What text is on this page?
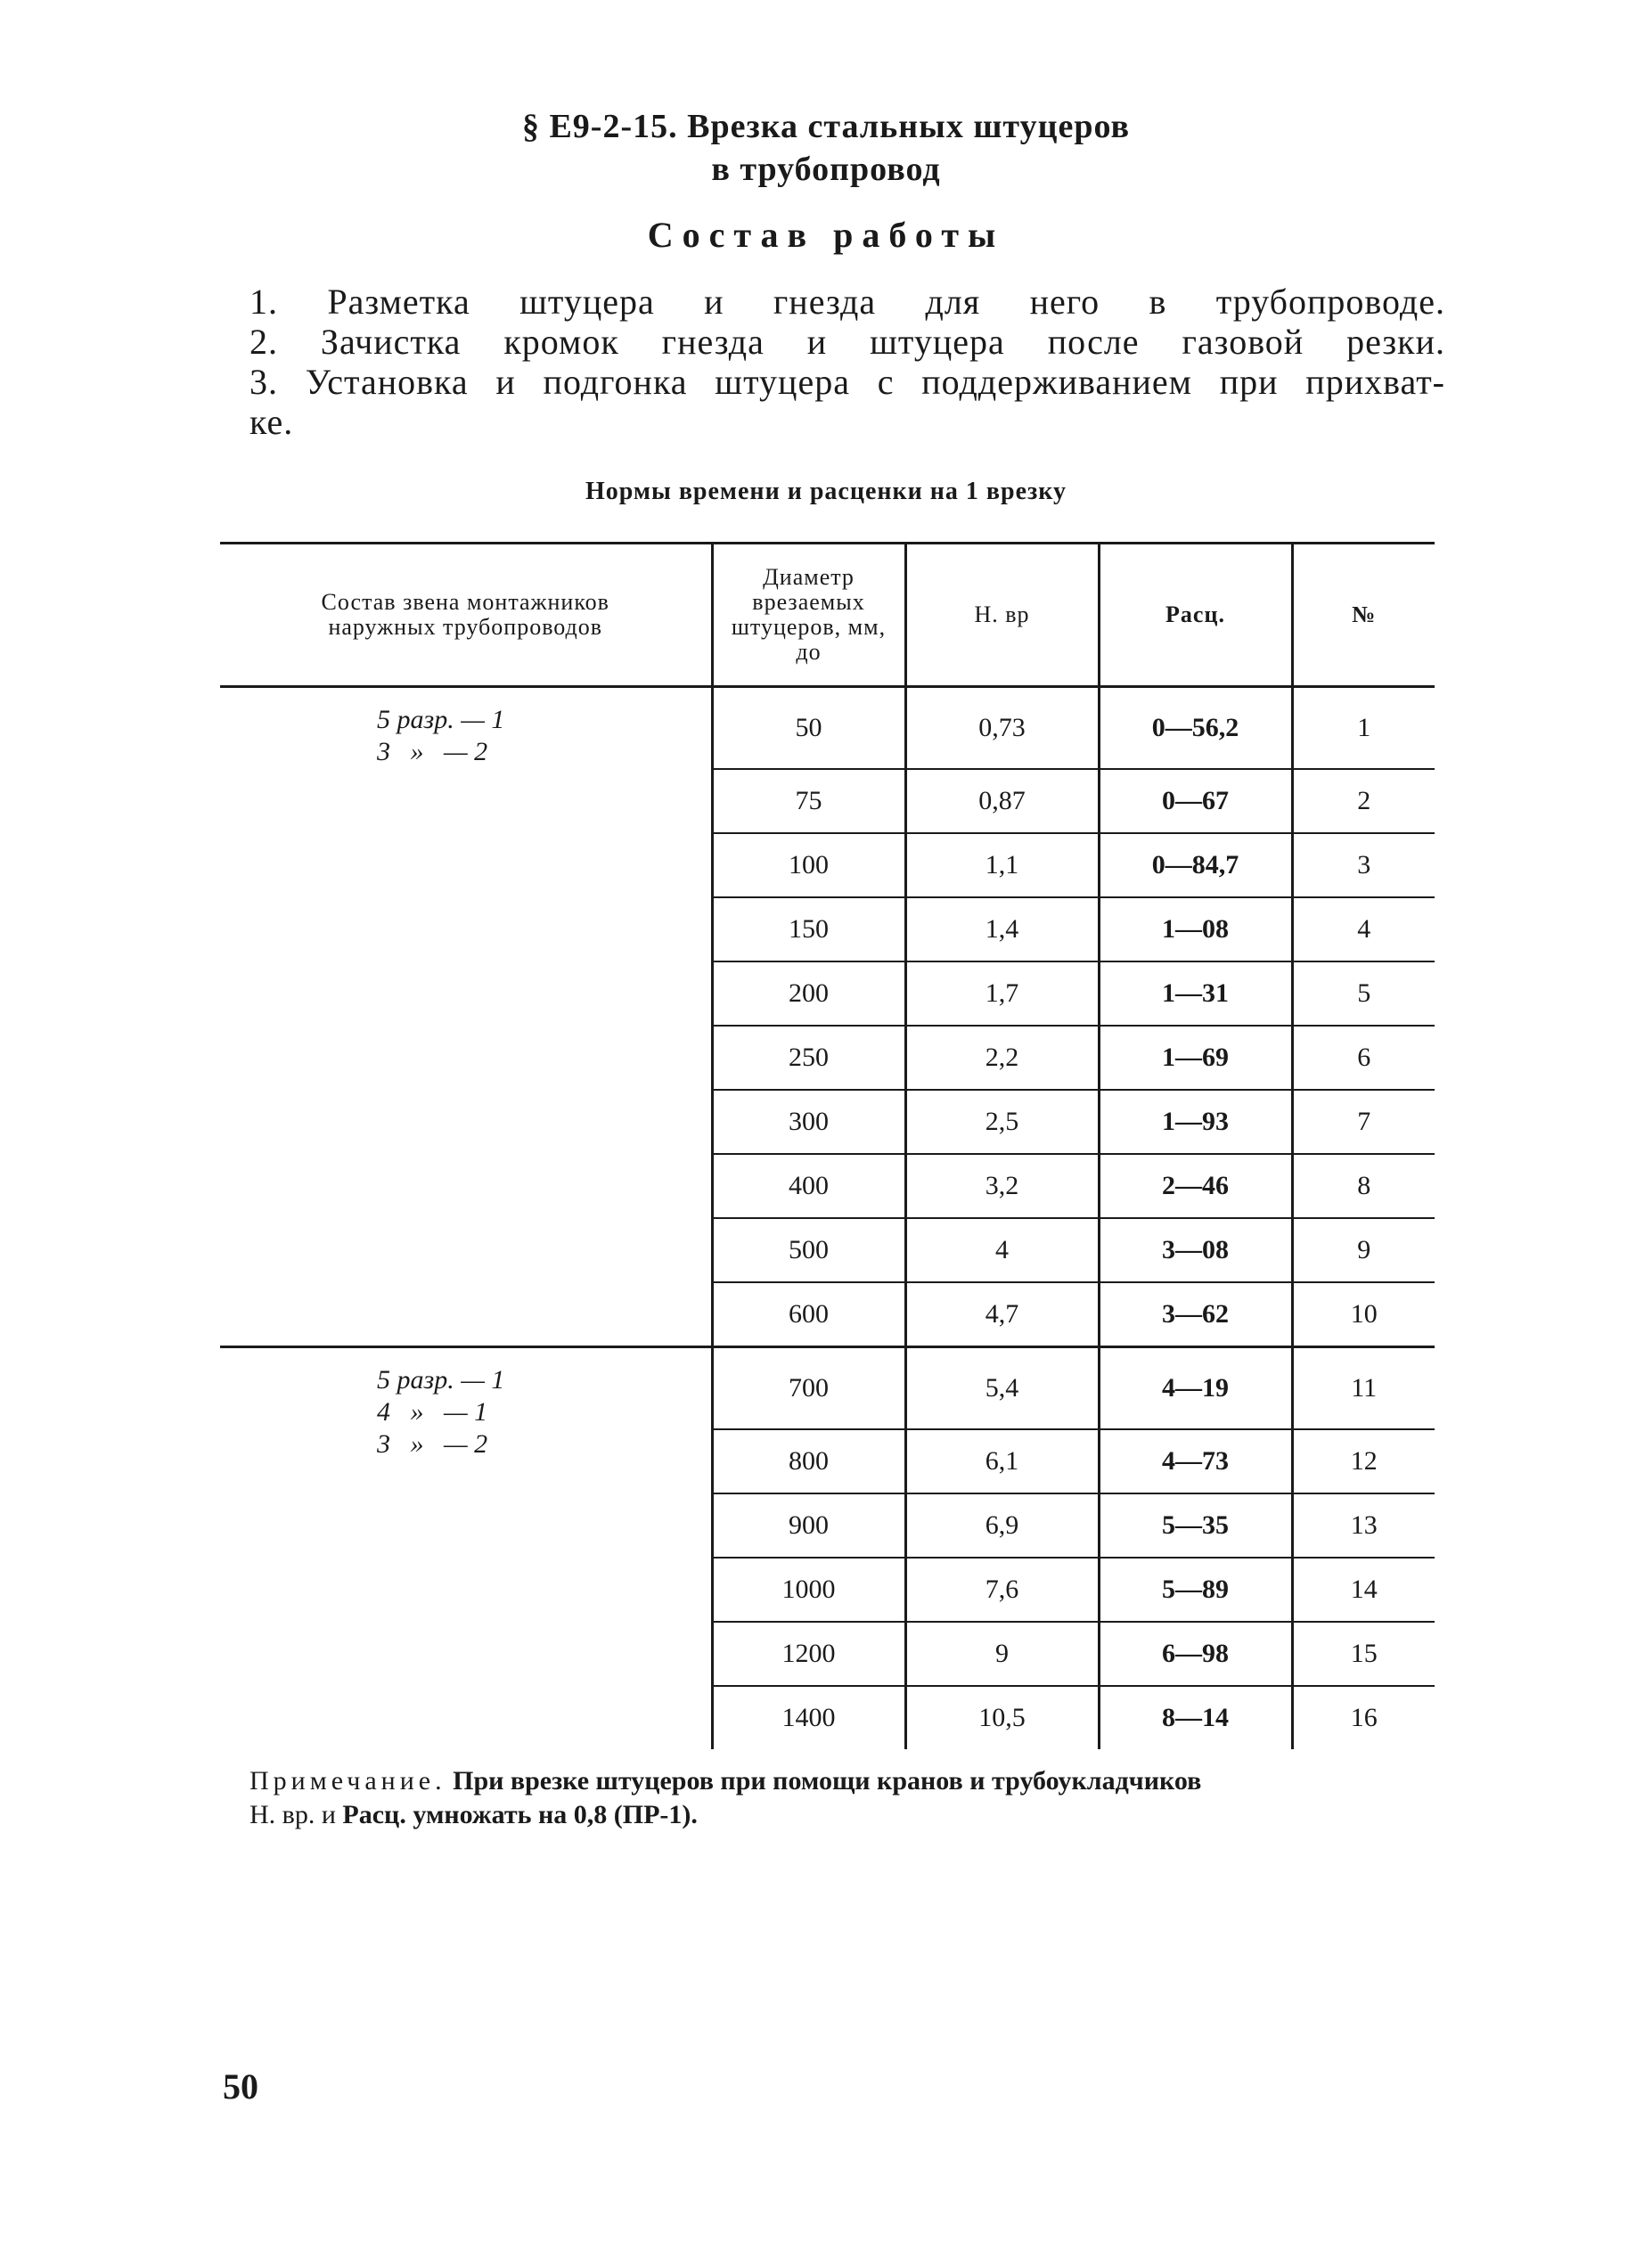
§ Е9-2-15. Врезка стальных штуцеров
в трубопровод
Состав работы
1. Разметка штуцера и гнезда для него в трубопроводе.
2. Зачистка кромок гнезда и штуцера после газовой резки.
3. Установка и подгонка штуцера с поддерживанием при прихват-
ке.
Нормы времени и расценки на 1 врезку
Состав звена монтажников наружных трубопроводов	Диаметр врезаемых штуцеров, мм, до	Н. вр	Расц.	№

5 разр. — 1
3   »   — 2	50	0,73	0—56,2	1
	75	0,87	0—67	2
	100	1,1	0—84,7	3
	150	1,4	1—08	4
	200	1,7	1—31	5
	250	2,2	1—69	6
	300	2,5	1—93	7
	400	3,2	2—46	8
	500	4	3—08	9
	600	4,7	3—62	10

5 разр. — 1
4   »   — 1
3   »   — 2	700	5,4	4—19	11
	800	6,1	4—73	12
	900	6,9	5—35	13
	1000	7,6	5—89	14
	1200	9	6—98	15
	1400	10,5	8—14	16
Примечание. При врезке штуцеров при помощи кранов и трубоукладчиков
Н. вр. и Расц. умножать на 0,8 (ПР-1).
50
